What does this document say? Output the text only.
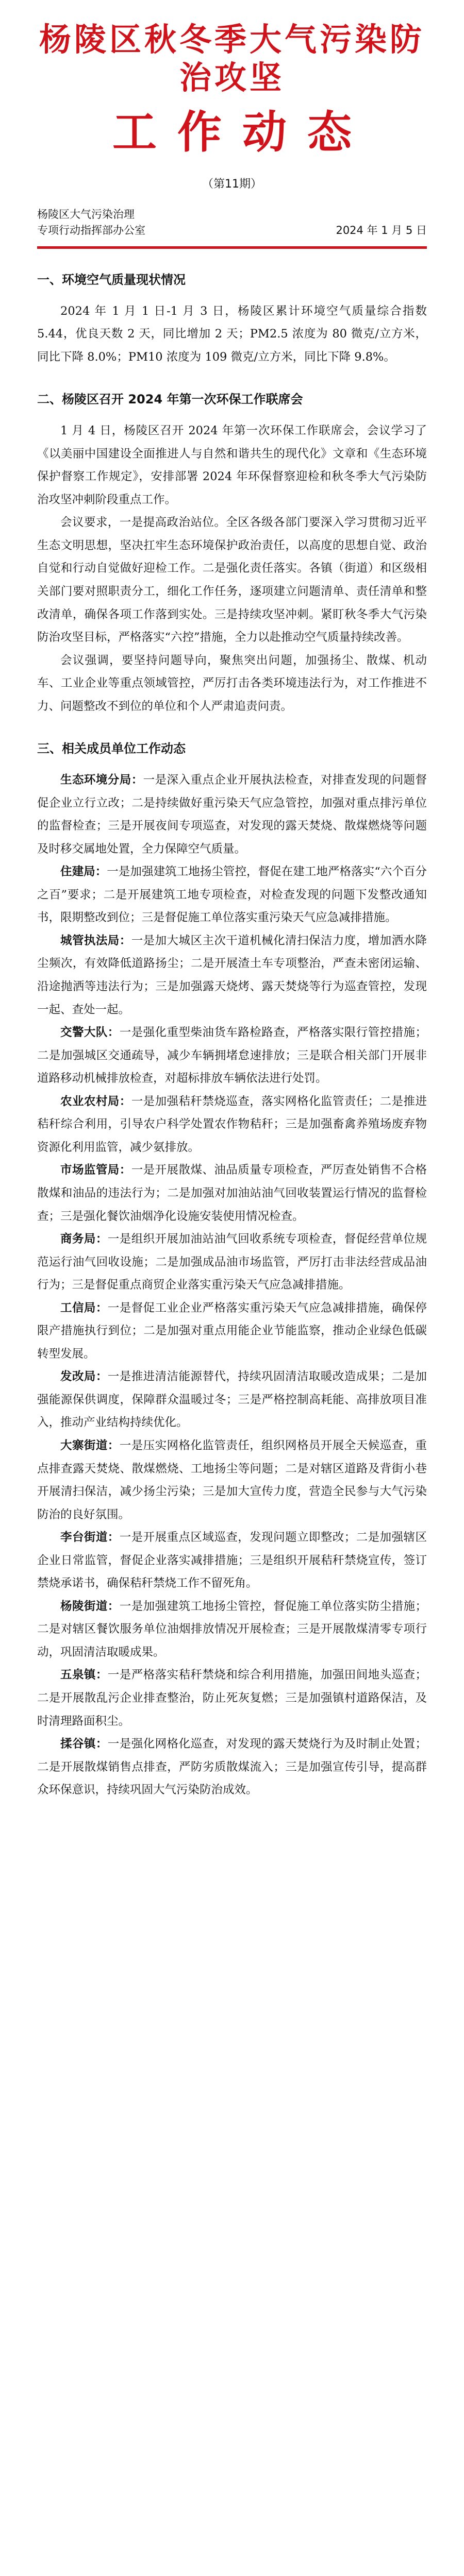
杨陵区秋冬季大气污染防治攻坚
工作动态
（第11期）
杨陵区大气污染治理
专项行动指挥部办公室	2024 年 1 月 5 日
一、环境空气质量现状情况

2024 年 1 月 1 日-1 月 3 日，杨陵区累计环境空气质量综合指数 5.44，优良天数 2 天，同比增加 2 天；PM2.5 浓度为 80 微克/立方米，同比下降 8.0%；PM10 浓度为 109 微克/立方米，同比下降 9.8%。

二、杨陵区召开 2024 年第一次环保工作联席会

1 月 4 日，杨陵区召开 2024 年第一次环保工作联席会，会议学习了《以美丽中国建设全面推进人与自然和谐共生的现代化》文章和《生态环境保护督察工作规定》，安排部署 2024 年环保督察迎检和秋冬季大气污染防治攻坚冲刺阶段重点工作。

会议要求，一是提高政治站位。全区各级各部门要深入学习贯彻习近平生态文明思想，坚决扛牢生态环境保护政治责任，以高度的思想自觉、政治自觉和行动自觉做好迎检工作。二是强化责任落实。各镇（街道）和区级相关部门要对照职责分工，细化工作任务，逐项建立问题清单、责任清单和整改清单，确保各项工作落到实处。三是持续攻坚冲刺。紧盯秋冬季大气污染防治攻坚目标，严格落实“六控”措施，全力以赴推动空气质量持续改善。

会议强调，要坚持问题导向，聚焦突出问题，加强扬尘、散煤、机动车、工业企业等重点领域管控，严厉打击各类环境违法行为，对工作推进不力、问题整改不到位的单位和个人严肃追责问责。

三、相关成员单位工作动态

生态环境分局：一是深入重点企业开展执法检查，对排查发现的问题督促企业立行立改；二是持续做好重污染天气应急管控，加强对重点排污单位的监督检查；三是开展夜间专项巡查，对发现的露天焚烧、散煤燃烧等问题及时移交属地处置，全力保障空气质量。

住建局：一是加强建筑工地扬尘管控，督促在建工地严格落实“六个百分之百”要求；二是开展建筑工地专项检查，对检查发现的问题下发整改通知书，限期整改到位；三是督促施工单位落实重污染天气应急减排措施。

城管执法局：一是加大城区主次干道机械化清扫保洁力度，增加洒水降尘频次，有效降低道路扬尘；二是开展渣土车专项整治，严查未密闭运输、沿途抛洒等违法行为；三是加强露天烧烤、露天焚烧等行为巡查管控，发现一起、查处一起。

交警大队：一是强化重型柴油货车路检路查，严格落实限行管控措施；二是加强城区交通疏导，减少车辆拥堵怠速排放；三是联合相关部门开展非道路移动机械排放检查，对超标排放车辆依法进行处罚。

农业农村局：一是加强秸秆禁烧巡查，落实网格化监管责任；二是推进秸秆综合利用，引导农户科学处置农作物秸秆；三是加强畜禽养殖场废弃物资源化利用监管，减少氨排放。

市场监管局：一是开展散煤、油品质量专项检查，严厉查处销售不合格散煤和油品的违法行为；二是加强对加油站油气回收装置运行情况的监督检查；三是强化餐饮油烟净化设施安装使用情况检查。

商务局：一是组织开展加油站油气回收系统专项检查，督促经营单位规范运行油气回收设施；二是加强成品油市场监管，严厉打击非法经营成品油行为；三是督促重点商贸企业落实重污染天气应急减排措施。

工信局：一是督促工业企业严格落实重污染天气应急减排措施，确保停限产措施执行到位；二是加强对重点用能企业节能监察，推动企业绿色低碳转型发展。

发改局：一是推进清洁能源替代，持续巩固清洁取暖改造成果；二是加强能源保供调度，保障群众温暖过冬；三是严格控制高耗能、高排放项目准入，推动产业结构持续优化。

大寨街道：一是压实网格化监管责任，组织网格员开展全天候巡查，重点排查露天焚烧、散煤燃烧、工地扬尘等问题；二是对辖区道路及背街小巷开展清扫保洁，减少扬尘污染；三是加大宣传力度，营造全民参与大气污染防治的良好氛围。

李台街道：一是开展重点区域巡查，发现问题立即整改；二是加强辖区企业日常监管，督促企业落实减排措施；三是组织开展秸秆禁烧宣传，签订禁烧承诺书，确保秸秆禁烧工作不留死角。

杨陵街道：一是加强建筑工地扬尘管控，督促施工单位落实防尘措施；二是对辖区餐饮服务单位油烟排放情况开展检查；三是开展散煤清零专项行动，巩固清洁取暖成果。

五泉镇：一是严格落实秸秆禁烧和综合利用措施，加强田间地头巡查；二是开展散乱污企业排查整治，防止死灰复燃；三是加强镇村道路保洁，及时清理路面积尘。

揉谷镇：一是强化网格化巡查，对发现的露天焚烧行为及时制止处置；二是开展散煤销售点排查，严防劣质散煤流入；三是加强宣传引导，提高群众环保意识，持续巩固大气污染防治成效。
